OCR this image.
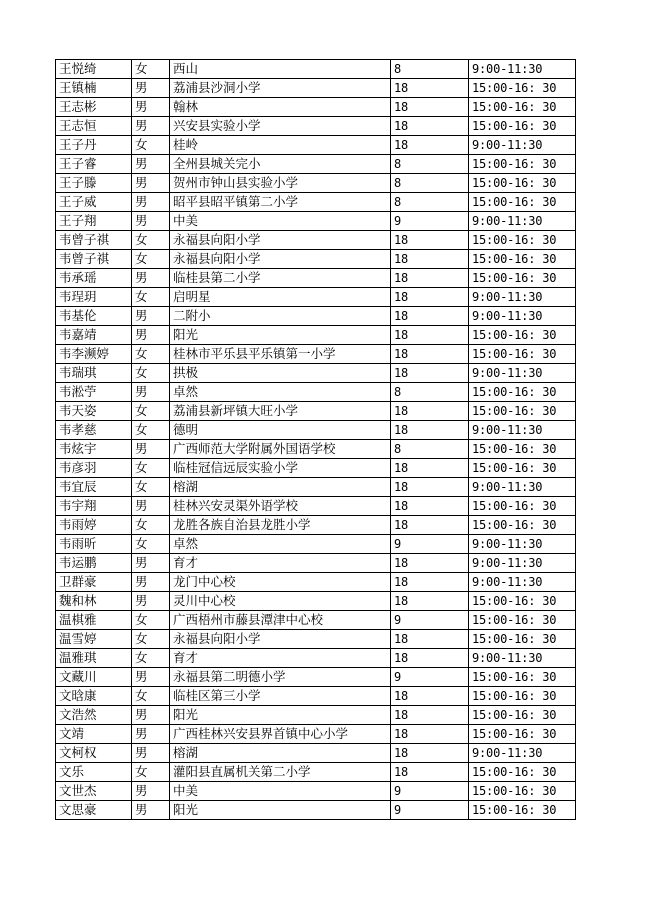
王悦绮	女	西山	8	9:00-11:30
王镇楠	男	荔浦县沙洞小学	18	15:00-16: 30
王志彬	男	翰林	18	15:00-16: 30
王志恒	男	兴安县实验小学	18	15:00-16: 30
王子丹	女	桂岭	18	9:00-11:30
王子睿	男	全州县城关完小	8	15:00-16: 30
王子滕	男	贺州市钟山县实验小学	8	15:00-16: 30
王子威	男	昭平县昭平镇第二小学	8	15:00-16: 30
王子翔	男	中美	9	9:00-11:30
韦曾子祺	女	永福县向阳小学	18	15:00-16: 30
韦曾子祺	女	永福县向阳小学	18	15:00-16: 30
韦承瑶	男	临桂县第二小学	18	15:00-16: 30
韦珵玥	女	启明星	18	9:00-11:30
韦基伦	男	二附小	18	9:00-11:30
韦嘉靖	男	阳光	18	15:00-16: 30
韦李濒婷	女	桂林市平乐县平乐镇第一小学	18	15:00-16: 30
韦瑞琪	女	拱极	18	9:00-11:30
韦淞苧	男	卓然	8	15:00-16: 30
韦天姿	女	荔浦县新坪镇大旺小学	18	15:00-16: 30
韦孝慈	女	德明	18	9:00-11:30
韦炫宇	男	广西师范大学附属外国语学校	8	15:00-16: 30
韦彦羽	女	临桂冠信远辰实验小学	18	15:00-16: 30
韦宜辰	女	榕湖	18	9:00-11:30
韦宇翔	男	桂林兴安灵渠外语学校	18	15:00-16: 30
韦雨婷	女	龙胜各族自治县龙胜小学	18	15:00-16: 30
韦雨昕	女	卓然	9	9:00-11:30
韦运鹏	男	育才	18	9:00-11:30
卫群豪	男	龙门中心校	18	9:00-11:30
魏和林	男	灵川中心校	18	15:00-16: 30
温棋雅	女	广西梧州市藤县潭津中心校	9	15:00-16: 30
温雪婷	女	永福县向阳小学	18	15:00-16: 30
温雅琪	女	育才	18	9:00-11:30
文藏川	男	永福县第二明德小学	9	15:00-16: 30
文晗康	女	临桂区第三小学	18	15:00-16: 30
文浩然	男	阳光	18	15:00-16: 30
文靖	男	广西桂林兴安县界首镇中心小学	18	15:00-16: 30
文柯权	男	榕湖	18	9:00-11:30
文乐	女	灌阳县直属机关第二小学	18	15:00-16: 30
文世杰	男	中美	9	15:00-16: 30
文思豪	男	阳光	9	15:00-16: 30
